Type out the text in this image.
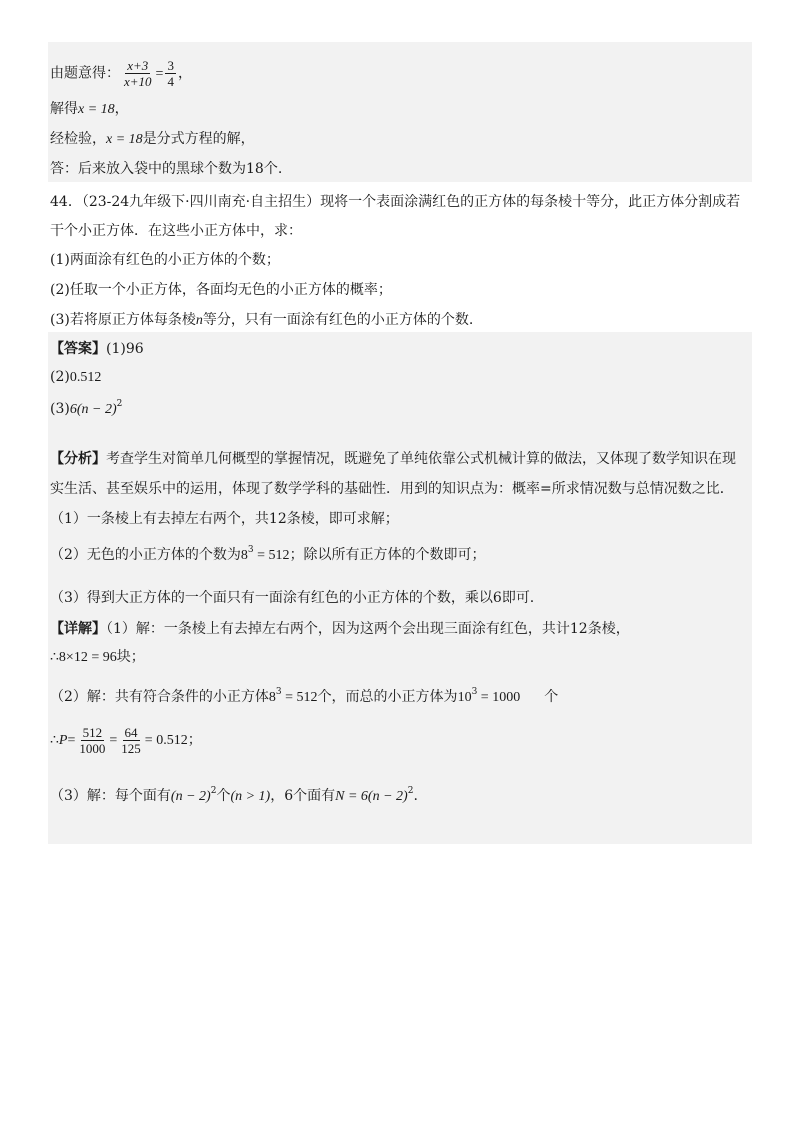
由题意得： $\frac{x+3}{x+10} = \frac{3}{4}$ ，
解得x = 18，
经检验，x = 18是分式方程的解，
答：后来放入袋中的黑球个数为18个.
44．（23-24九年级下·四川南充·自主招生）现将一个表面涂满红色的正方体的每条棱十等分，此正方体分割成若
干个小正方体．在这些小正方体中，求：
(1)两面涂有红色的小正方体的个数；
(2)任取一个小正方体，各面均无色的小正方体的概率；
(3)若将原正方体每条棱n等分，只有一面涂有红色的小正方体的个数.
【答案】(1)96
(2)0.512
$(3)6(n - 2)^2$
【分析】考查学生对简单几何概型的掌握情况，既避免了单纯依靠公式机械计算的做法，又体现了数学知识在现
实生活、甚至娱乐中的运用，体现了数学学科的基础性．用到的知识点为：概率=所求情况数与总情况数之比．
（1）一条棱上有去掉左右两个，共12条棱，即可求解；
（2）无色的小正方体的个数为$8^3 = 512$；除以所有正方体的个数即可；
（3）得到大正方体的一个面只有一面涂有红色的小正方体的个数，乘以6即可.
【详解】（1）解：一条棱上有去掉左右两个，因为这两个会出现三面涂有红色，共计12条棱，
∴8×12 = 96块；
（2）解：共有符合条件的小正方体$8^3 = 512$个，而总的小正方体为$10^3 = 1000$ 个
∴P= $\frac{512}{1000} = \frac{64}{125} = 0.512$；
（3）解：每个面有$(n - 2)^2$个(n > 1)，6个面有$N = 6(n - 2)^2$.
